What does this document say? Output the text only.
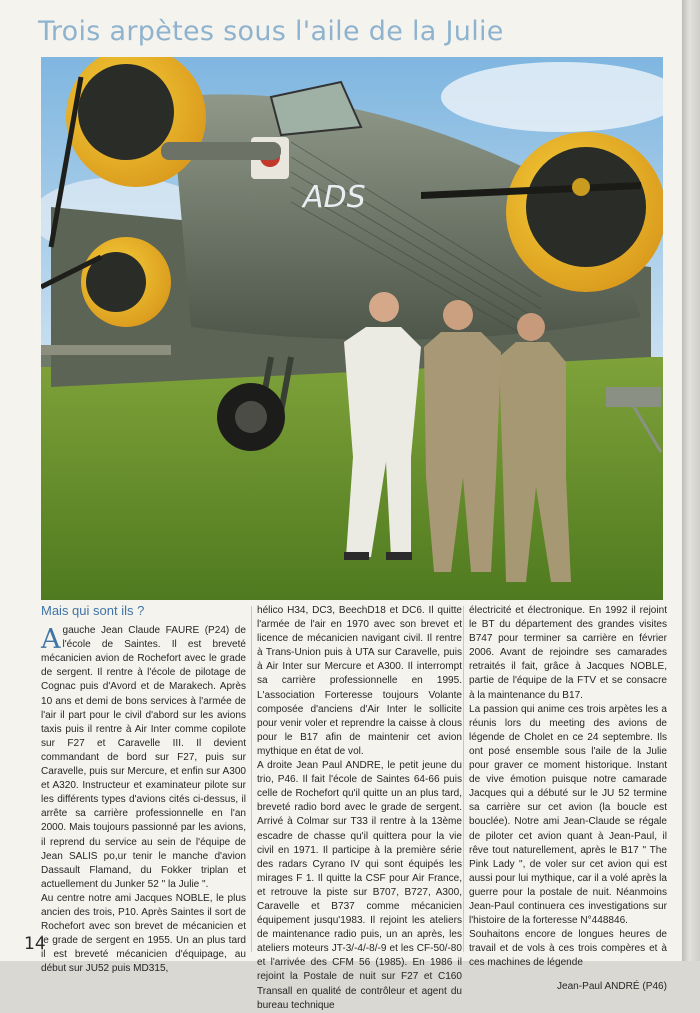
Trois arpètes sous l'aile de la Julie
ADS
Mais qui sont ils ?

A gauche Jean Claude FAURE (P24) de l'école de Saintes. Il est breveté mécanicien avion de Rochefort avec le grade de sergent. Il rentre à l'école de pilotage de Cognac puis d'Avord et de Marakech. Après 10 ans et demi de bons services à l'armée de l'air il part pour le civil d'abord sur les avions taxis puis il rentre à Air Inter comme copilote sur F27 et Caravelle III. Il devient commandant de bord sur F27, puis sur Caravelle, puis sur Mercure, et enfin sur A300 et A320. Instructeur et examinateur pilote sur les différents types d'avions cités ci-dessus, il arrête sa carrière professionnelle en l'an 2000. Mais toujours passionné par les avions, il reprend du service au sein de l'équipe de Jean SALIS po,ur tenir le manche d'avion Dassault Flamand, du Fokker triplan et actuellement du Junker 52 " la Julie ".

Au centre notre ami Jacques NOBLE, le plus ancien des trois, P10. Après Saintes il sort de Rochefort avec son brevet de mécanicien et le grade de sergent en 1955. Un an plus tard il est breveté mécanicien d'équipage, au début sur JU52 puis MD315,

hélico H34, DC3, BeechD18 et DC6. Il quitte l'armée de l'air en 1970 avec son brevet et licence de mécanicien navigant civil. Il rentre à Trans-Union puis à UTA sur Caravelle, puis à Air Inter sur Mercure et A300. Il interrompt sa carrière professionnelle en 1995. L'association Forteresse toujours Volante composée d'anciens d'Air Inter le sollicite pour venir voler et reprendre la caisse à clous pour le B17 afin de maintenir cet avion mythique en état de vol.

A droite Jean Paul ANDRE, le petit jeune du trio, P46. Il fait l'école de Saintes 64-66 puis celle de Rochefort qu'il quitte un an plus tard, breveté radio bord avec le grade de sergent. Arrivé à Colmar sur T33 il rentre à la 13ème escadre de chasse qu'il quittera pour la vie civil en 1971. Il participe à la première série des radars Cyrano IV qui sont équipés les mirages F 1. Il quitte la CSF pour Air France, et retrouve la piste sur B707, B727, A300, Caravelle et B737 comme mécanicien équipement jusqu'1983. Il rejoint les ateliers de maintenance radio puis, un an après, les ateliers moteurs JT-3/-4/-8/-9 et les CF-50/-80 et l'arrivée des CFM 56 (1985). En 1986 il rejoint la Postale de nuit sur F27 et C160 Transall en qualité de contrôleur et agent du bureau technique

électricité et électronique. En 1992 il rejoint le BT du département des grandes visites B747 pour terminer sa carrière en février 2006. Avant de rejoindre ses camarades retraités il fait, grâce à Jacques NOBLE, partie de l'équipe de la FTV et se consacre à la maintenance du B17.

La passion qui anime ces trois arpètes les a réunis lors du meeting des avions de légende de Cholet en ce 24 septembre. Ils ont posé ensemble sous l'aile de la Julie pour graver ce moment historique. Instant de vive émotion puisque notre camarade Jacques qui a débuté sur le JU 52 termine sa carrière sur cet avion (la boucle est bouclée). Notre ami Jean-Claude se régale de piloter cet avion quant à Jean-Paul, il rêve tout naturellement, après le B17 " The Pink Lady ", de voler sur cet avion qui est aussi pour lui mythique, car il a volé après la guerre pour la postale de nuit. Néanmoins Jean-Paul continuera ces investigations sur l'histoire de la forteresse N°448846.

Souhaitons encore de longues heures de travail et de vols à ces trois compères et à ces machines de légende

Jean-Paul ANDRÉ (P46)

14
